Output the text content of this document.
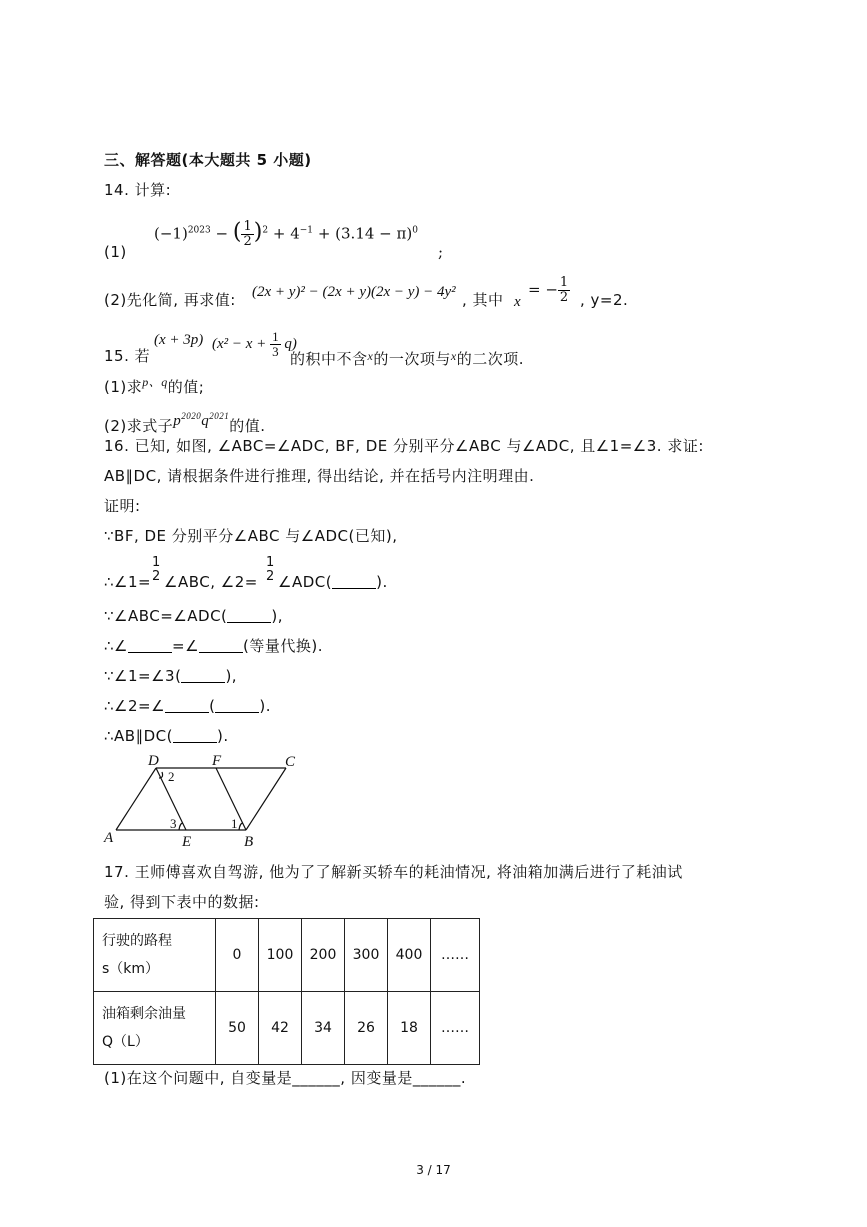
三、解答题(本大题共 5 小题)
14. 计算:
(1)
$(-1)^{2023}$ − ( $\frac{1}{2} )^2 + 4^{-1} + (3.14 - \pi)^0$
;
(2)先化简, 再求值: (2x + y)² − (2x + y)(2x − y) − 4y² , 其中 x
= − $\frac{1}{2}$ , y=2.
15. 若
(x + 3p) $(x^2 - x + \frac{1}{3} q)$
的积中不含$^x$的一次项与$^x$的二次项.
(1)求$^{p、q}$的值;
(2)求式子$p^{2020}q^{2021}$的值.
16. 已知, 如图, ∠ABC=∠ADC, BF, DE 分别平分∠ABC 与∠ADC, 且∠1=∠3. 求证:
AB∥DC, 请根据条件进行推理, 得出结论, 并在括号内注明理由.
证明:
∵BF, DE 分别平分∠ABC 与∠ADC(已知),
∴∠1=
1
2 ∠ABC, ∠2=
1
2 ∠ADC(	).
∵∠ABC=∠ADC(	),
∴∠	=∠	(等量代换).
∵∠1=∠3(	),
∴∠2=∠	(	).
∴AB∥DC(	).
D	F	C
A	E	B
2
3	1
17. 王师傅喜欢自驾游, 他为了了解新买轿车的耗油情况, 将油箱加满后进行了耗油试
验, 得到下表中的数据:
行驶的路程
s（km）	0	100	200	300	400	……
油箱剩余油量
Q（L）	50	42	34	26	18	……
(1)在这个问题中, 自变量是______, 因变量是______.
3 / 17
